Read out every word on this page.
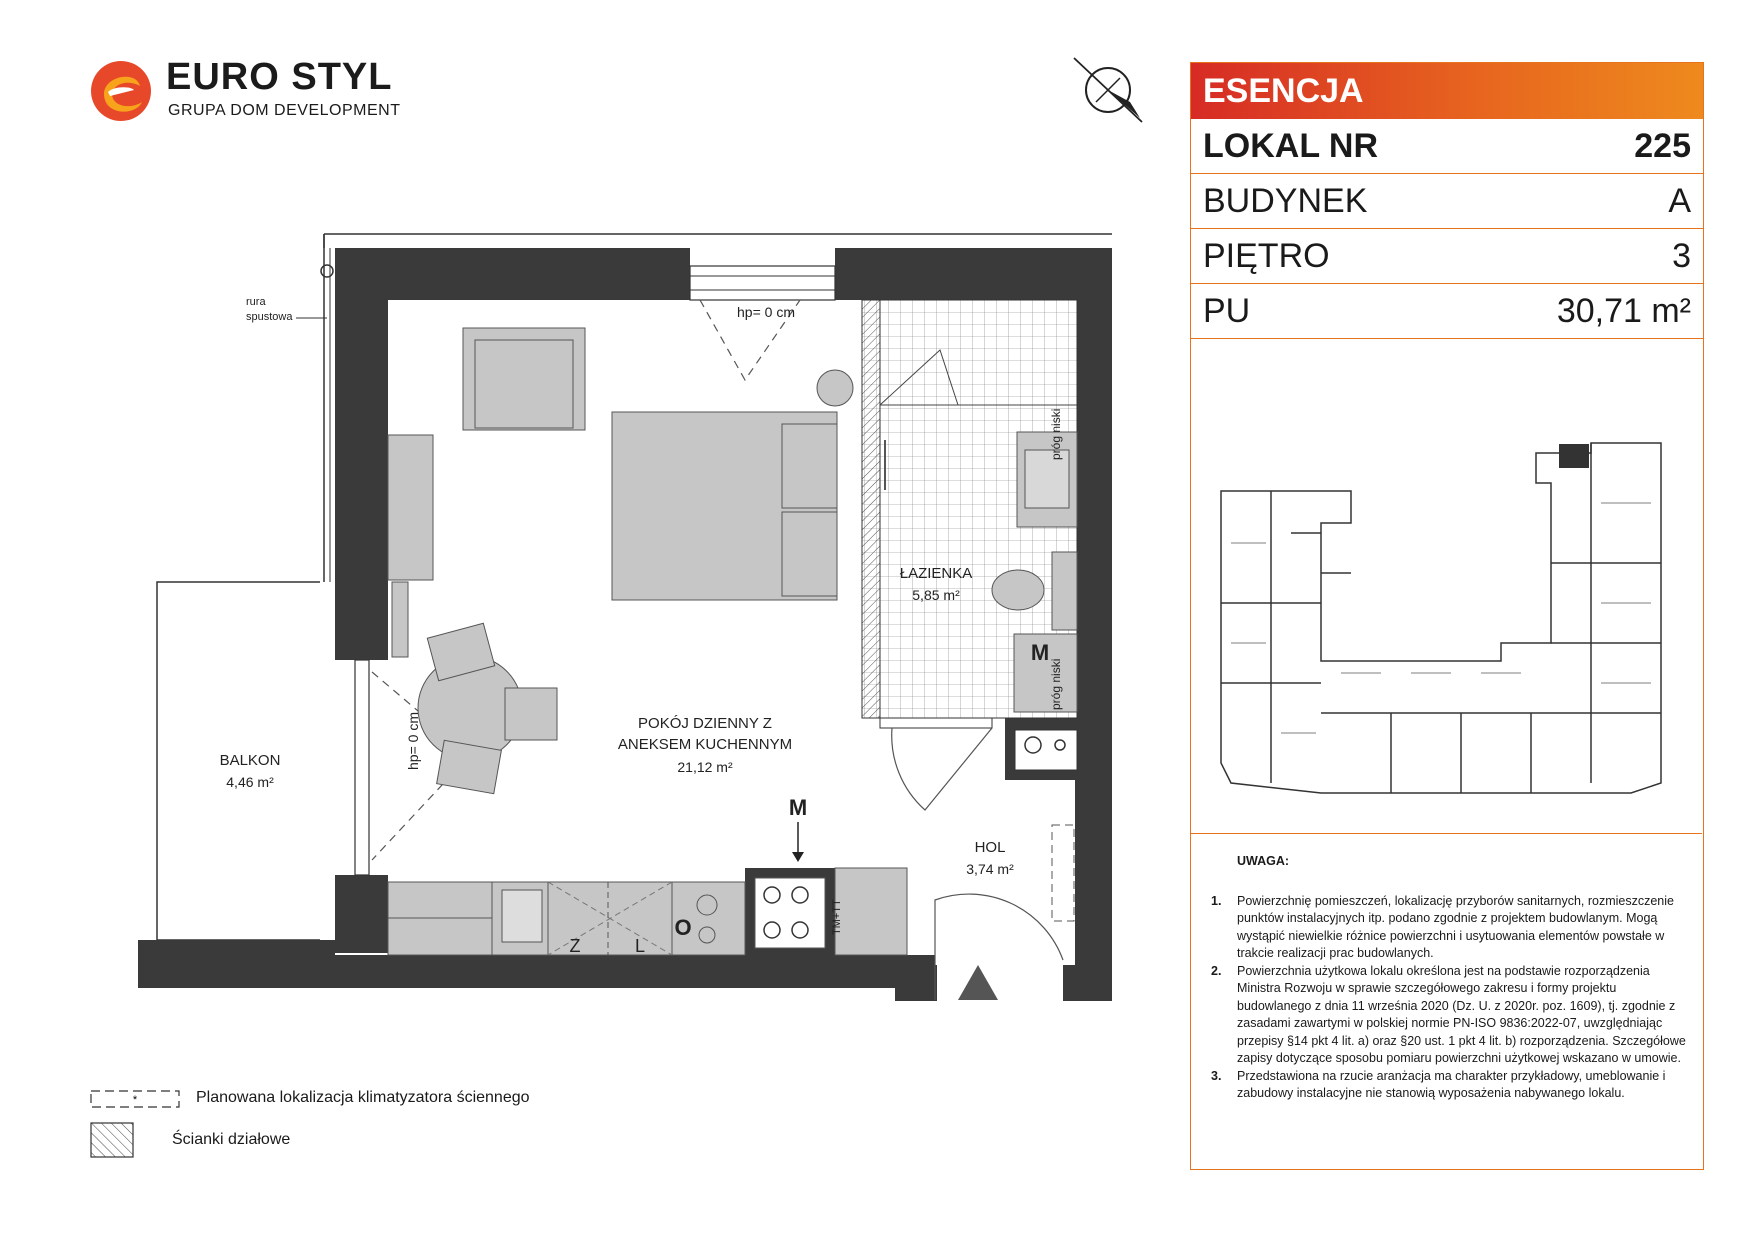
EURO STYL
GRUPA DOM DEVELOPMENT
rura
spustowa	hp= 0 cm
hp= 0 cm	POKÓJ DZIENNY Z
ANEKSEM KUCHENNYM
21,12 m²
ŁAZIENKA
5,85 m²
HOL
3,74 m²
BALKON
4,46 m²
próg niski
próg niski
M
M
Z	L
O	TM+TT
ESENCJA
LOKAL NR	225
BUDYNEK	A
PIĘTRO	3
PU	30,71 m²
UWAGA:
1.	Powierzchnię pomieszczeń, lokalizację przyborów sanitarnych, rozmieszczenie punktów instalacyjnych itp. podano zgodnie z projektem budowlanym. Mogą wystąpić niewielkie różnice powierzchni i usytuowania elementów powstałe w trakcie realizacji prac budowlanych.
2.	Powierzchnia użytkowa lokalu określona jest na podstawie rozporządzenia Ministra Rozwoju w sprawie szczegółowego zakresu i formy projektu budowlanego z dnia 11 września 2020 (Dz. U. z 2020r. poz. 1609), tj. zgodnie z zasadami zawartymi w polskiej normie PN-ISO 9836:2022-07, uwzględniając przepisy §14 pkt 4 lit. a) oraz §20 ust. 1 pkt 4 lit. b) rozporządzenia. Szczegółowe zapisy dotyczące sposobu pomiaru powierzchni użytkowej wskazano w umowie.
3.	Przedstawiona na rzucie aranżacja ma charakter przykładowy, umeblowanie i zabudowy instalacyjne nie stanowią wyposażenia nabywanego lokalu.
*	Planowana lokalizacja klimatyzatora ściennego
Ścianki działowe
